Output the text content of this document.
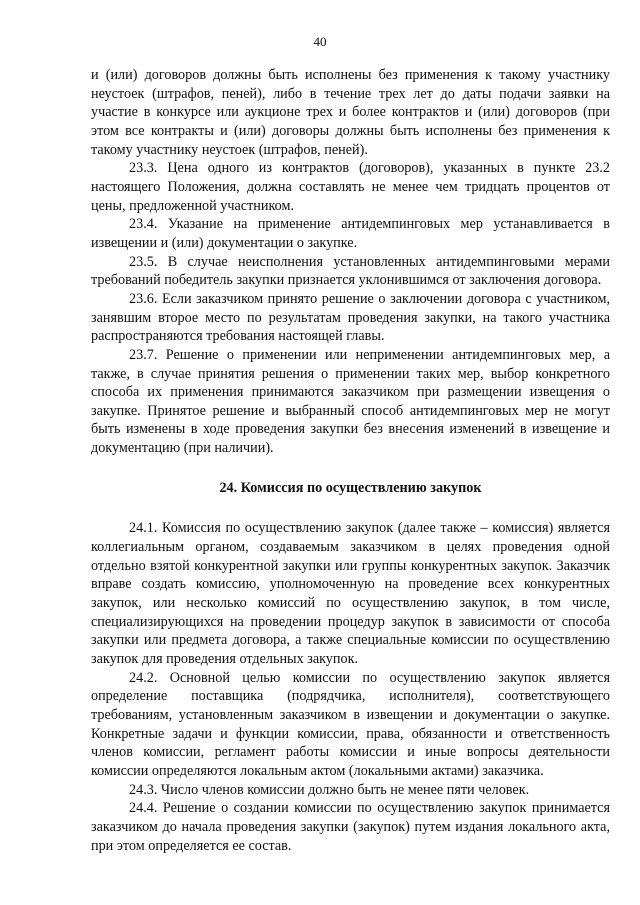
40

и (или) договоров должны быть исполнены без применения к такому участнику неустоек (штрафов, пеней), либо в течение трех лет до даты подачи заявки на участие в конкурсе или аукционе трех и более контрактов и (или) договоров (при этом все контракты и (или) договоры должны быть исполнены без применения к такому участнику неустоек (штрафов, пеней).

23.3. Цена одного из контрактов (договоров), указанных в пункте 23.2 настоящего Положения, должна составлять не менее чем тридцать процентов от цены, предложенной участником.

23.4. Указание на применение антидемпинговых мер устанавливается в извещении и (или) документации о закупке.

23.5. В случае неисполнения установленных антидемпинговыми мерами требований победитель закупки признается уклонившимся от заключения договора.

23.6. Если заказчиком принято решение о заключении договора с участником, занявшим второе место по результатам проведения закупки, на такого участника распространяются требования настоящей главы.

23.7. Решение о применении или неприменении антидемпинговых мер, а также, в случае принятия решения о применении таких мер, выбор конкретного способа их применения принимаются заказчиком при размещении извещения о закупке. Принятое решение и выбранный способ антидемпинговых мер не могут быть изменены в ходе проведения закупки без внесения изменений в извещение и документацию (при наличии).

24. Комиссия по осуществлению закупок

24.1. Комиссия по осуществлению закупок (далее также – комиссия) является коллегиальным органом, создаваемым заказчиком в целях проведения одной отдельно взятой конкурентной закупки или группы конкурентных закупок. Заказчик вправе создать комиссию, уполномоченную на проведение всех конкурентных закупок, или несколько комиссий по осуществлению закупок, в том числе, специализирующихся на проведении процедур закупок в зависимости от способа закупки или предмета договора, а также специальные комиссии по осуществлению закупок для проведения отдельных закупок.

24.2. Основной целью комиссии по осуществлению закупок является определение поставщика (подрядчика, исполнителя), соответствующего требованиям, установленным заказчиком в извещении и документации о закупке. Конкретные задачи и функции комиссии, права, обязанности и ответственность членов комиссии, регламент работы комиссии и иные вопросы деятельности комиссии определяются локальным актом (локальными актами) заказчика.

24.3. Число членов комиссии должно быть не менее пяти человек.

24.4. Решение о создании комиссии по осуществлению закупок принимается заказчиком до начала проведения закупки (закупок) путем издания локального акта, при этом определяется ее состав.
